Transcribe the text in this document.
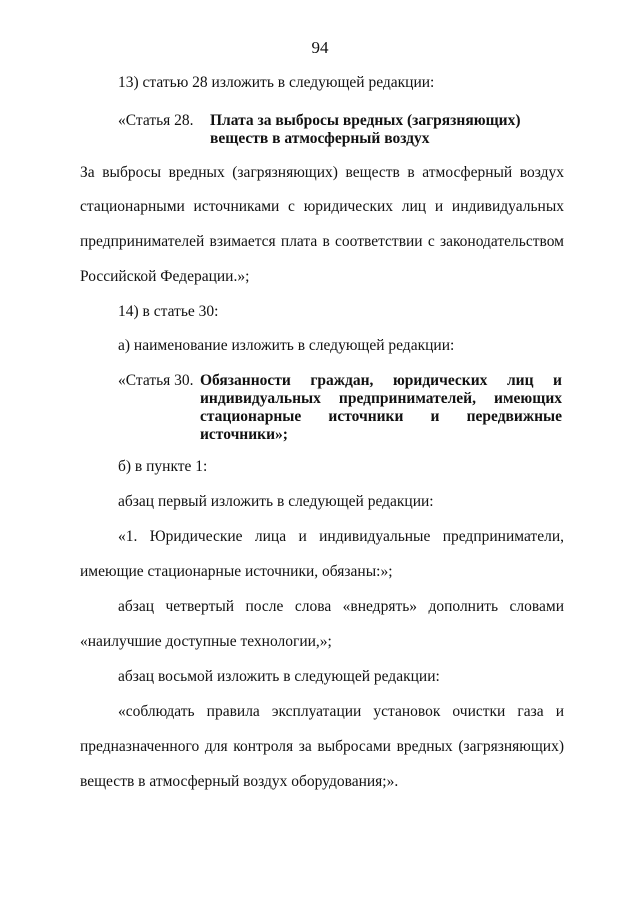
94
13) статью 28 изложить в следующей редакции:
«Статья 28. Плата за выбросы вредных (загрязняющих)
веществ в атмосферный воздух
За выбросы вредных (загрязняющих) веществ в атмосферный воздух
стационарными источниками с юридических лиц и индивидуальных
предпринимателей взимается плата в соответствии с законодательством
Российской Федерации.»;
14) в статье 30:
а) наименование изложить в следующей редакции:
«Статья 30. Обязанности граждан, юридических лиц и
индивидуальных предпринимателей, имеющих
стационарные источники и передвижные
источники»;
б) в пункте 1:
абзац первый изложить в следующей редакции:
«1. Юридические лица и индивидуальные предприниматели,
имеющие стационарные источники, обязаны:»;
абзац четвертый после слова «внедрять» дополнить словами
«наилучшие доступные технологии,»;
абзац восьмой изложить в следующей редакции:
«соблюдать правила эксплуатации установок очистки газа и
предназначенного для контроля за выбросами вредных (загрязняющих)
веществ в атмосферный воздух оборудования;».
